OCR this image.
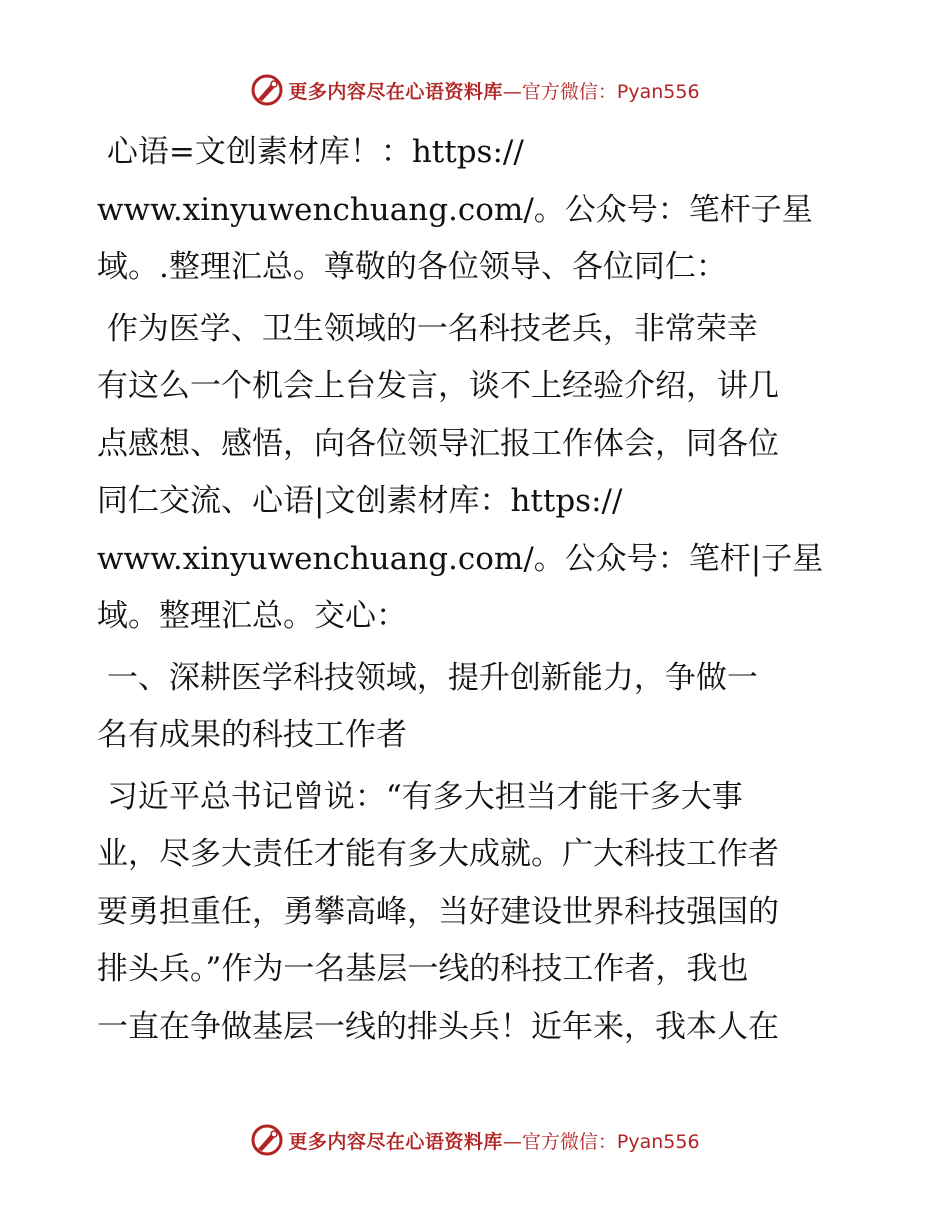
更多内容尽在心语资料库 —官方微信：Pyan556

心语=文创素材库！：https://

www.xinyuwenchuang.com/。公众号：笔杆子星

域。.整理汇总。尊敬的各位领导、各位同仁：

作为医学、卫生领域的一名科技老兵，非常荣幸

有这么一个机会上台发言，谈不上经验介绍，讲几

点感想、感悟，向各位领导汇报工作体会，同各位

同仁交流、心语|文创素材库：https://

www.xinyuwenchuang.com/。公众号：笔杆|子星

域。整理汇总。交心：

一、深耕医学科技领域，提升创新能力，争做一

名有成果的科技工作者

习近平总书记曾说：“有多大担当才能干多大事

业，尽多大责任才能有多大成就。广大科技工作者

要勇担重任，勇攀高峰，当好建设世界科技强国的

排头兵。”作为一名基层一线的科技工作者，我也

一直在争做基层一线的排头兵！近年来，我本人在

更多内容尽在心语资料库 —官方微信：Pyan556
